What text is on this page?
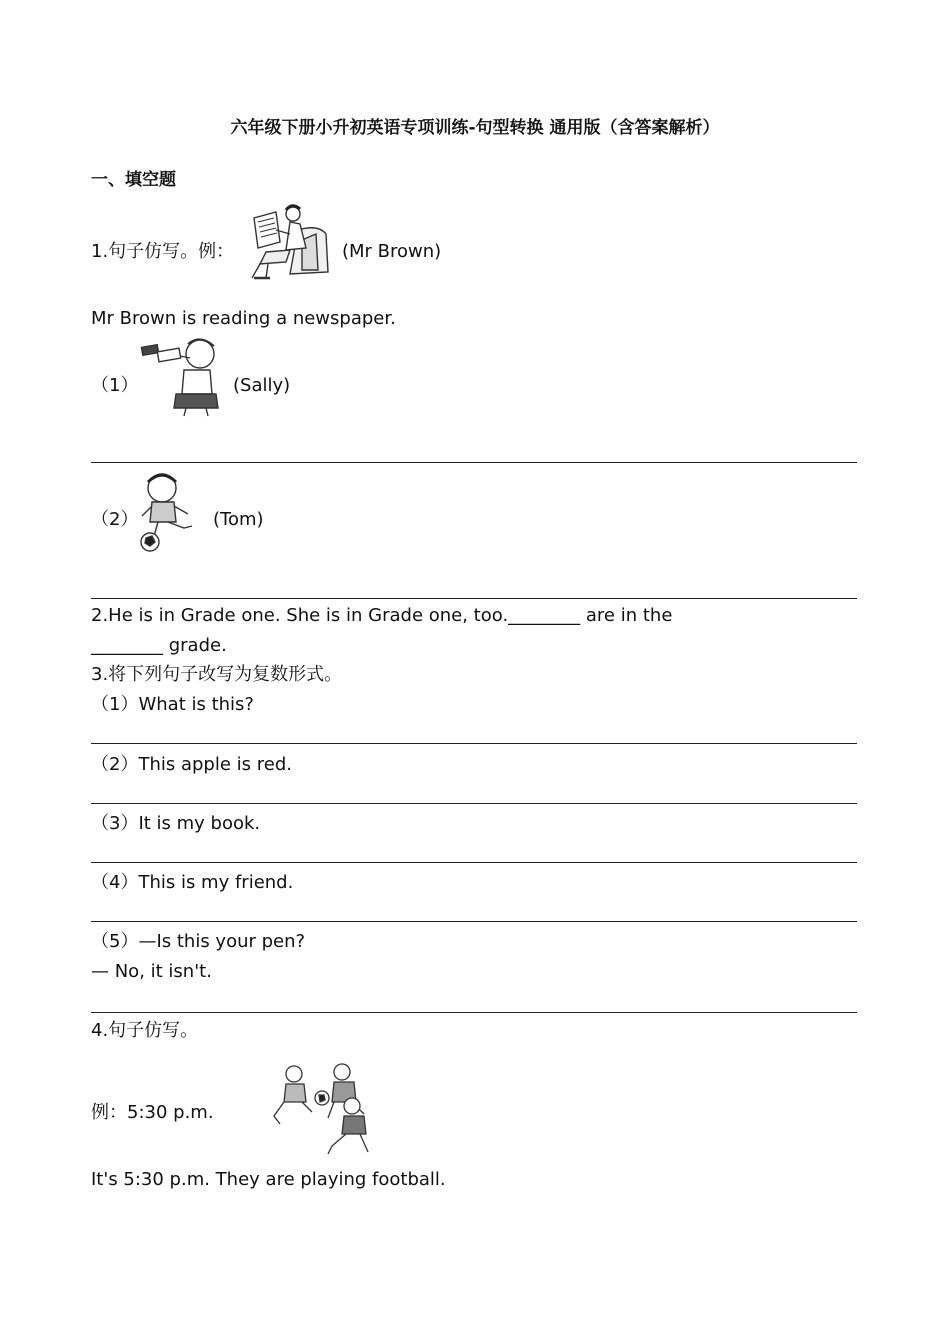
六年级下册小升初英语专项训练-句型转换 通用版（含答案解析）
一、填空题
1.句子仿写。例：	(Mr Brown)
Mr Brown is reading a newspaper.
（1）	(Sally)
（2）	(Tom)
2.He is in Grade one. She is in Grade one, too.________ are in the
________ grade.
3.将下列句子改写为复数形式。
（1）What is this?
（2）This apple is red.
（3）It is my book.
（4）This is my friend.
（5）—Is this your pen?
— No, it isn't.
4.句子仿写。
例：5:30 p.m.
It's 5:30 p.m. They are playing football.
